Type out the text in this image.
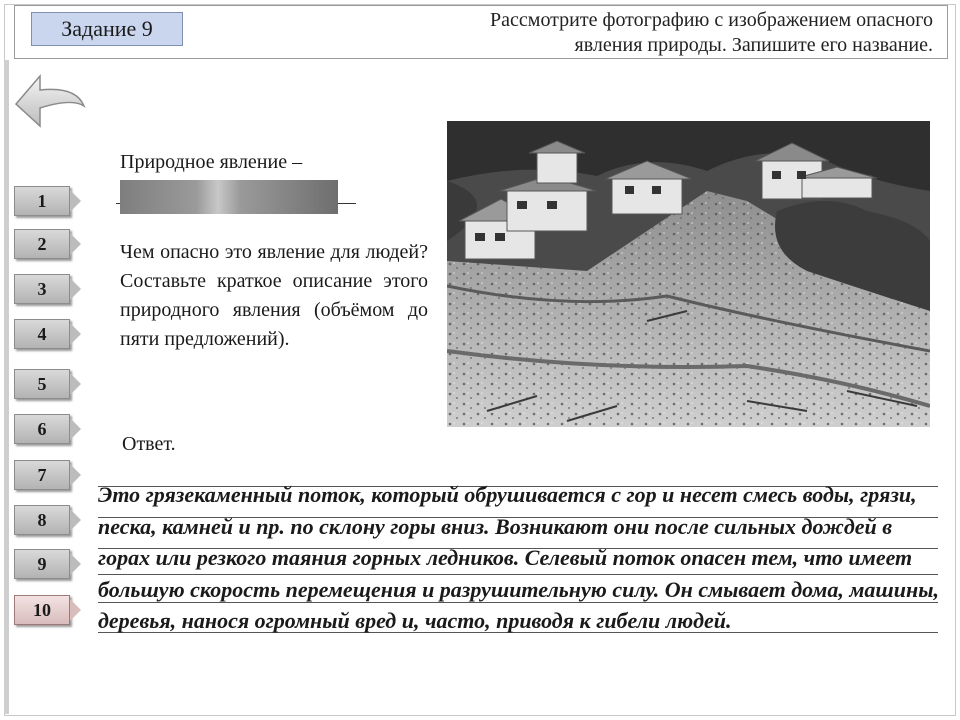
Задание 9	Рассмотрите фотографию с изображением опасного
явления природы. Запишите его название.
1
2
3
4
5
6
7
8
9
10
Природное явление –
Чем опасно это явление для людей? Составьте краткое описание этого природного явления (объёмом до пяти предложений).
Ответ.
Это грязекаменный поток, который обрушивается с гор и несет смесь воды, грязи, песка, камней и пр. по склону горы вниз. Возникают они после сильных дождей в горах или резкого таяния горных ледников. Селевый поток опасен тем, что имеет большую скорость перемещения и разрушительную силу. Он смывает дома, машины, деревья, нанося огромный вред и, часто, приводя к гибели людей.
